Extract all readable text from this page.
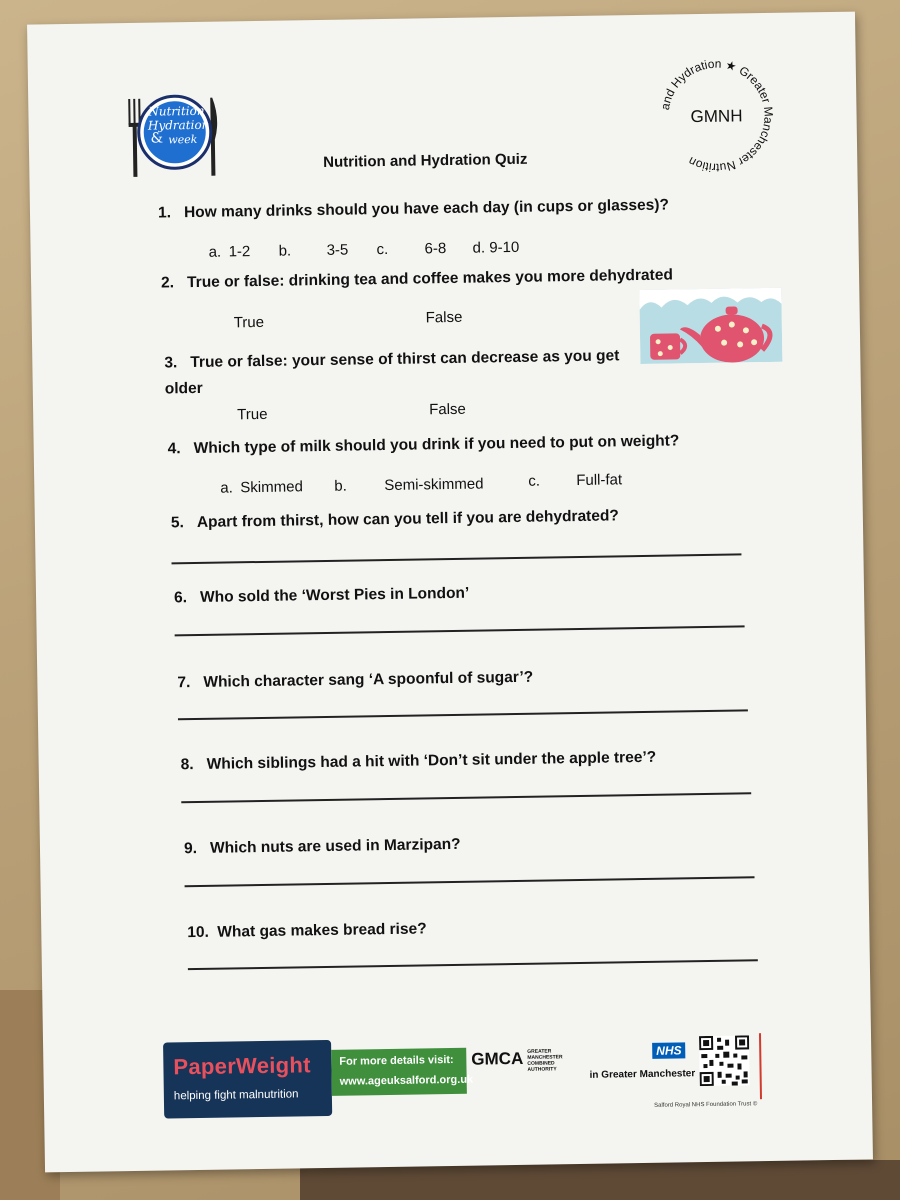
Nutrition
Hydration
& week
and Hydration ★ Greater Manchester Nutrition
GMNH
Nutrition and Hydration Quiz
1. How many drinks should you have each day (in cups or glasses)?
a. 1-2 b. 3-5 c. 6-8 d. 9-10
2. True or false: drinking tea and coffee makes you more dehydrated
True	False
3. True or false: your sense of thirst can decrease as you get older
True	False
4. Which type of milk should you drink if you need to put on weight?
a. Skimmed b. Semi-skimmed	c. Full-fat
5. Apart from thirst, how can you tell if you are dehydrated?
6. Who sold the ‘Worst Pies in London’
7. Which character sang ‘A spoonful of sugar’?
8. Which siblings had a hit with ‘Don’t sit under the apple tree’?
9. Which nuts are used in Marzipan?
10. What gas makes bread rise?
PaperWeight
helping fight malnutrition
For more details visit:
www.ageuksalford.org.uk
GMCA GREATER MANCHESTER COMBINED AUTHORITY
NHS
in Greater Manchester
Salford Royal NHS Foundation Trust ©
